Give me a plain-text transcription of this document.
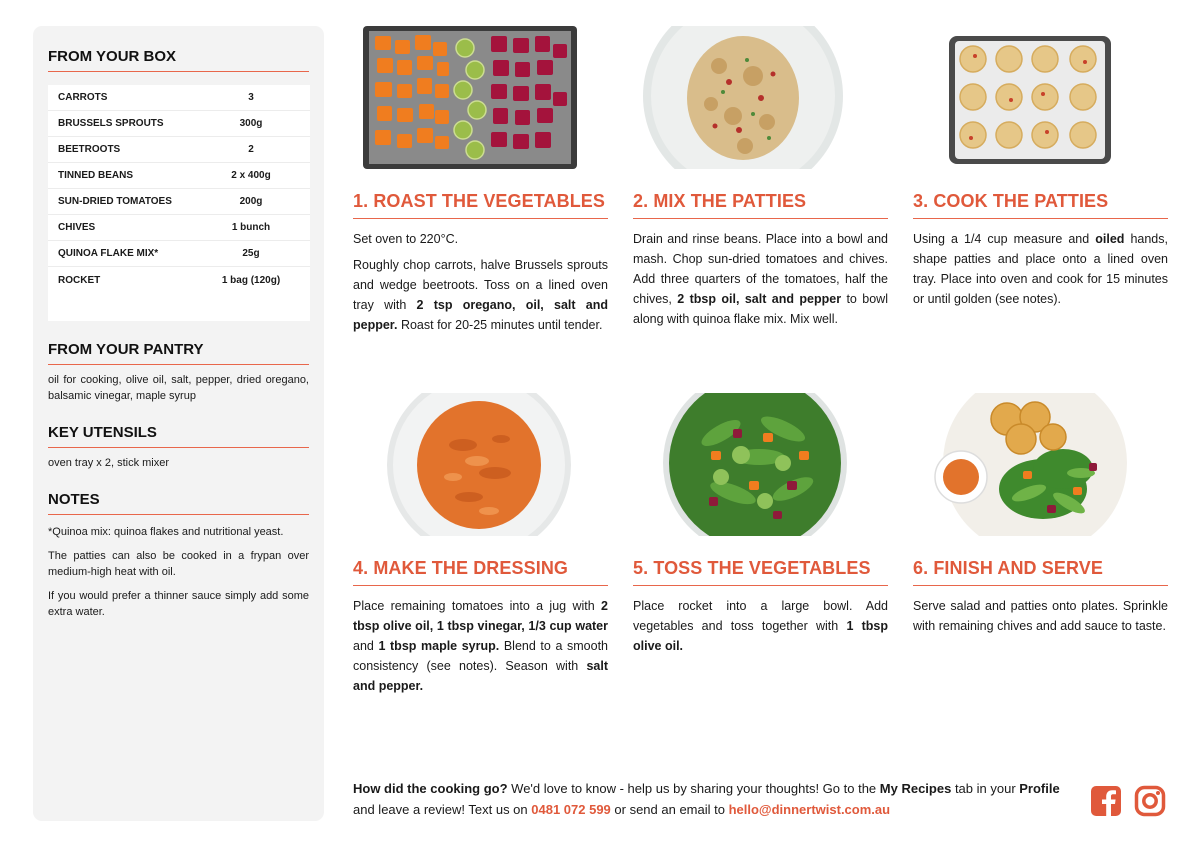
FROM YOUR BOX
CARROTS	3
BRUSSELS SPROUTS	300g
BEETROOTS	2
TINNED BEANS	2 x 400g
SUN-DRIED TOMATOES	200g
CHIVES	1 bunch
QUINOA FLAKE MIX*	25g
ROCKET	1 bag (120g)
FROM YOUR PANTRY

oil for cooking, olive oil, salt, pepper, dried oregano, balsamic vinegar, maple syrup

KEY UTENSILS

oven tray x 2, stick mixer

NOTES

*Quinoa mix: quinoa flakes and nutritional yeast.

The patties can also be cooked in a frypan over medium-high heat with oil.

If you would prefer a thinner sauce simply add some extra water.

1. ROAST THE VEGETABLES

Set oven to 220°C.

Roughly chop carrots, halve Brussels sprouts and wedge beetroots. Toss on a lined oven tray with 2 tsp oregano, oil, salt and pepper. Roast for 20-25 minutes until tender.

2. MIX THE PATTIES

Drain and rinse beans. Place into a bowl and mash. Chop sun-dried tomatoes and chives. Add three quarters of the tomatoes, half the chives, 2 tbsp oil, salt and pepper to bowl along with quinoa flake mix. Mix well.

3. COOK THE PATTIES

Using a 1/4 cup measure and oiled hands, shape patties and place onto a lined oven tray. Place into oven and cook for 15 minutes or until golden (see notes).

4. MAKE THE DRESSING

Place remaining tomatoes into a jug with 2 tbsp olive oil, 1 tbsp vinegar, 1/3 cup water and 1 tbsp maple syrup. Blend to a smooth consistency (see notes). Season with salt and pepper.

5. TOSS THE VEGETABLES

Place rocket into a large bowl. Add vegetables and toss together with 1 tbsp olive oil.

6. FINISH AND SERVE

Serve salad and patties onto plates. Sprinkle with remaining chives and add sauce to taste.

How did the cooking go? We'd love to know - help us by sharing your thoughts! Go to the My Recipes tab in your Profile and leave a review! Text us on 0481 072 599 or send an email to hello@dinnertwist.com.au
